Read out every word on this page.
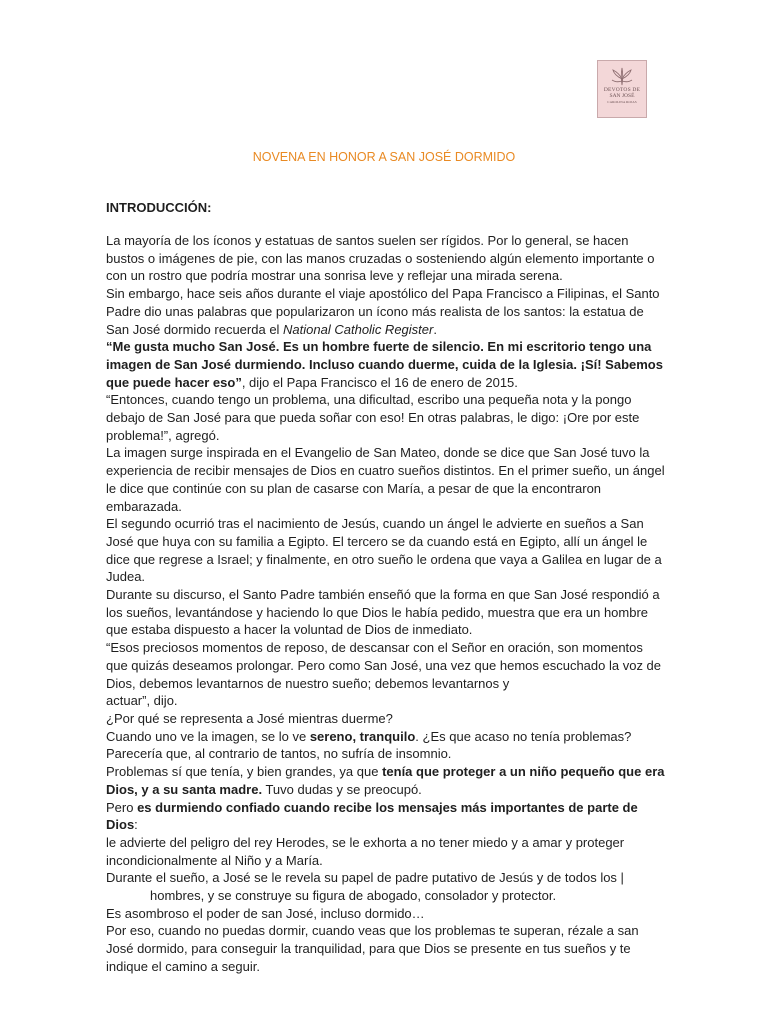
DEVOTOS DE
SAN JOSÉ
CAROLINA ROJAS
NOVENA EN HONOR A SAN JOSÉ DORMIDO
INTRODUCCIÓN:

La mayoría de los íconos y estatuas de santos suelen ser rígidos. Por lo general, se hacen bustos o imágenes de pie, con las manos cruzadas o sosteniendo algún elemento importante o con un rostro que podría mostrar una sonrisa leve y reflejar una mirada serena.

Sin embargo, hace seis años durante el viaje apostólico del Papa Francisco a Filipinas, el Santo Padre dio unas palabras que popularizaron un ícono más realista de los santos: la estatua de San José dormido recuerda el National Catholic Register.

“Me gusta mucho San José. Es un hombre fuerte de silencio. En mi escritorio tengo una imagen de San José durmiendo. Incluso cuando duerme, cuida de la Iglesia. ¡Sí! Sabemos que puede hacer eso”, dijo el Papa Francisco el 16 de enero de 2015.

“Entonces, cuando tengo un problema, una dificultad, escribo una pequeña nota y la pongo debajo de San José para que pueda soñar con eso! En otras palabras, le digo: ¡Ore por este problema!”, agregó.

La imagen surge inspirada en el Evangelio de San Mateo, donde se dice que San José tuvo la experiencia de recibir mensajes de Dios en cuatro sueños distintos. En el primer sueño, un ángel le dice que continúe con su plan de casarse con María, a pesar de que la encontraron embarazada.

El segundo ocurrió tras el nacimiento de Jesús, cuando un ángel le advierte en sueños a San José que huya con su familia a Egipto. El tercero se da cuando está en Egipto, allí un ángel le dice que regrese a Israel; y finalmente, en otro sueño le ordena que vaya a Galilea en lugar de a Judea.

Durante su discurso, el Santo Padre también enseñó que la forma en que San José respondió a los sueños, levantándose y haciendo lo que Dios le había pedido, muestra que era un hombre que estaba dispuesto a hacer la voluntad de Dios de inmediato.

“Esos preciosos momentos de reposo, de descansar con el Señor en oración, son momentos que quizás deseamos prolongar. Pero como San José, una vez que hemos escuchado la voz de Dios, debemos levantarnos de nuestro sueño; debemos levantarnos y

actuar”, dijo.

¿Por qué se representa a José mientras duerme?

Cuando uno ve la imagen, se lo ve sereno, tranquilo. ¿Es que acaso no tenía problemas? Parecería que, al contrario de tantos, no sufría de insomnio.

Problemas sí que tenía, y bien grandes, ya que tenía que proteger a un niño pequeño que era Dios, y a su santa madre. Tuvo dudas y se preocupó.

Pero es durmiendo confiado cuando recibe los mensajes más importantes de parte de Dios:

le advierte del peligro del rey Herodes, se le exhorta a no tener miedo y a amar y proteger incondicionalmente al Niño y a María.

Durante el sueño, a José se le revela su papel de padre putativo de Jesús y de todos los |

hombres, y se construye su figura de abogado, consolador y protector.

Es asombroso el poder de san José, incluso dormido…

Por eso, cuando no puedas dormir, cuando veas que los problemas te superan, rézale a san José dormido, para conseguir la tranquilidad, para que Dios se presente en tus sueños y te indique el camino a seguir.
